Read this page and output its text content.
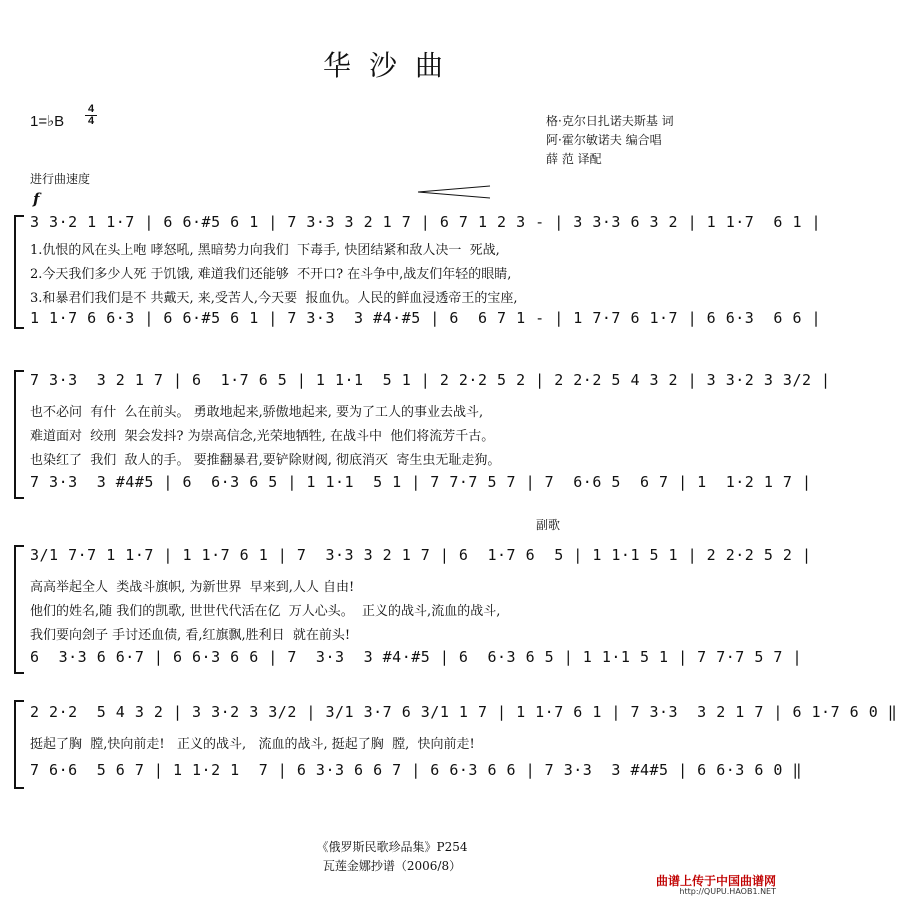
华沙曲
1=♭B
4
4	格·克尔日扎诺夫斯基 词
阿·霍尔敏诺夫 编合唱
薛 范 译配
进行曲速度
f
3 3·2 1 1·7 | 6 6·#5 6 1 | 7 3·3 3 2 1 7 | 6 7 1 2 3 - | 3 3·3 6 3 2 | 1 1·7  6 1 |
1.仇恨的风在头上咆 哮怒吼, 黑暗势力向我们  下毒手, 快团结紧和敌人决一  死战,
2.今天我们多少人死 于饥饿, 难道我们还能够  不开口? 在斗争中,战友们年轻的眼睛,
3.和暴君们我们是不 共戴天, 来,受苦人,今天要  报血仇。人民的鲜血浸透帝王的宝座,
1 1·7 6 6·3 | 6 6·#5 6 1 | 7 3·3  3 #4·#5 | 6  6 7 1 - | 1 7·7 6 1·7 | 6 6·3  6 6 |
7 3·3  3 2 1 7 | 6  1·7 6 5 | 1 1·1  5 1 | 2 2·2 5 2 | 2 2·2 5 4 3 2 | 3 3·2 3 3/2 |
也不必问  有什  么在前头。 勇敢地起来,骄傲地起来, 要为了工人的事业去战斗,
难道面对  绞刑  架会发抖? 为崇高信念,光荣地牺牲, 在战斗中  他们将流芳千古。
也染红了  我们  敌人的手。 要推翻暴君,要铲除财阀, 彻底消灭  寄生虫无耻走狗。
7 3·3  3 #4#5 | 6  6·3 6 5 | 1 1·1  5 1 | 7 7·7 5 7 | 7  6·6 5  6 7 | 1  1·2 1 7 |
副歌
3/1 7·7 1 1·7 | 1 1·7 6 1 | 7  3·3 3 2 1 7 | 6  1·7 6  5 | 1 1·1 5 1 | 2 2·2 5 2 |
高高举起全人  类战斗旗帜, 为新世界  早来到,人人 自由!
他们的姓名,随 我们的凯歌, 世世代代活在亿  万人心头。  正义的战斗,流血的战斗,
我们要向刽子 手讨还血债, 看,红旗飘,胜利日  就在前头!
6  3·3 6 6·7 | 6 6·3 6 6 | 7  3·3  3 #4·#5 | 6  6·3 6 5 | 1 1·1 5 1 | 7 7·7 5 7 |
2 2·2  5 4 3 2 | 3 3·2 3 3/2 | 3/1 3·7 6 3/1 1 7 | 1 1·7 6 1 | 7 3·3  3 2 1 7 | 6 1·7 6 0 ‖
挺起了胸  膛,快向前走!   正义的战斗,   流血的战斗, 挺起了胸  膛,  快向前走!
7 6·6  5 6 7 | 1 1·2 1  7 | 6 3·3 6 6 7 | 6 6·3 6 6 | 7 3·3  3 #4#5 | 6 6·3 6 0 ‖
《俄罗斯民歌珍品集》P254
瓦莲金娜抄谱（2006/8）
曲谱上传于中国曲谱网
http://QUPU.HAOB1.NET
